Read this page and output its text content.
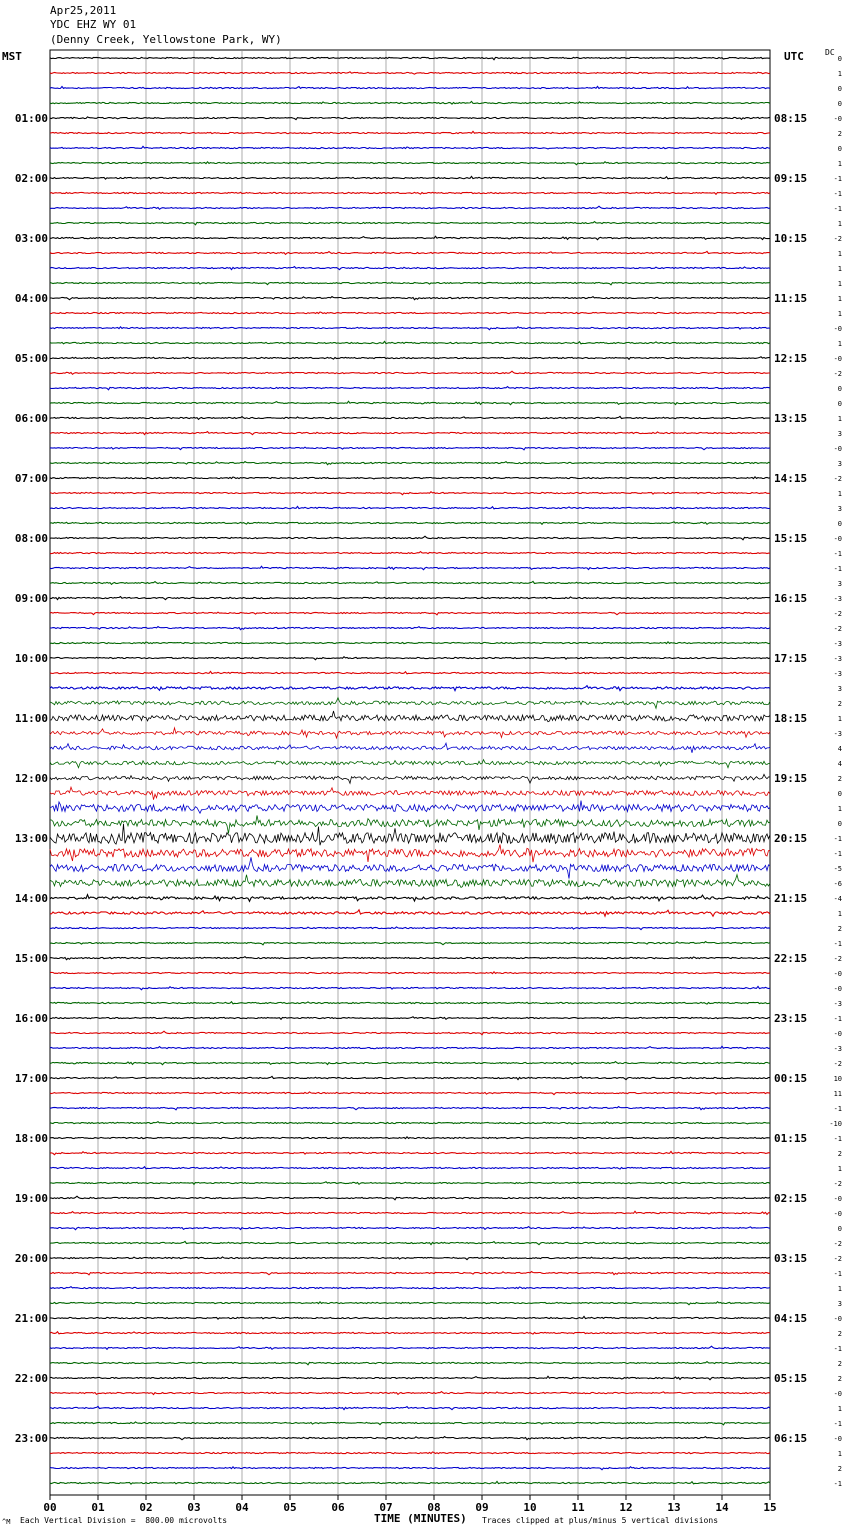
Apr25,2011
YDC EHZ WY 01
(Denny Creek, Yellowstone Park, WY)
MST	UTC	DC
00	01	02	03	04	05	06	07	08	09	10	11	12	13	14	15
0
1
0
0
-0
2
0
1
-1
-1
-1
1
-2
1
1
1
1
1
-0
1
-0
-2
0
0
1
3
-0
3
-2
1
3
0
-0
-1
-1
3
-3
-2
-2
-3
-3
-3
3
2
1
-3
4
4
2
0
1
0
-1
-1
-5
-6
-4
1
2
-1
-2
-0
-0
-3
-1
-0
-3
-2
10
11
-1
-10
-1
2
1
-2
-0
-0
0
-2
-2
-1
1
3
-0
2
-1
2
2
-0
1
-1
-0
1
2
-1
01:00
02:00
03:00
04:00
05:00
06:00
07:00
08:00
09:00
10:00
11:00
12:00
13:00
14:00
15:00
16:00
17:00
18:00
19:00
20:00
21:00
22:00
23:00
08:15
09:15
10:15
11:15
12:15
13:15
14:15
15:15
16:15
17:15
18:15
19:15
20:15
21:15
22:15
23:15
00:15
01:15
02:15
03:15
04:15
05:15
06:15
^M Each Vertical Division =  800.00 microvolts	TIME (MINUTES) Traces clipped at plus/minus 5 vertical divisions
